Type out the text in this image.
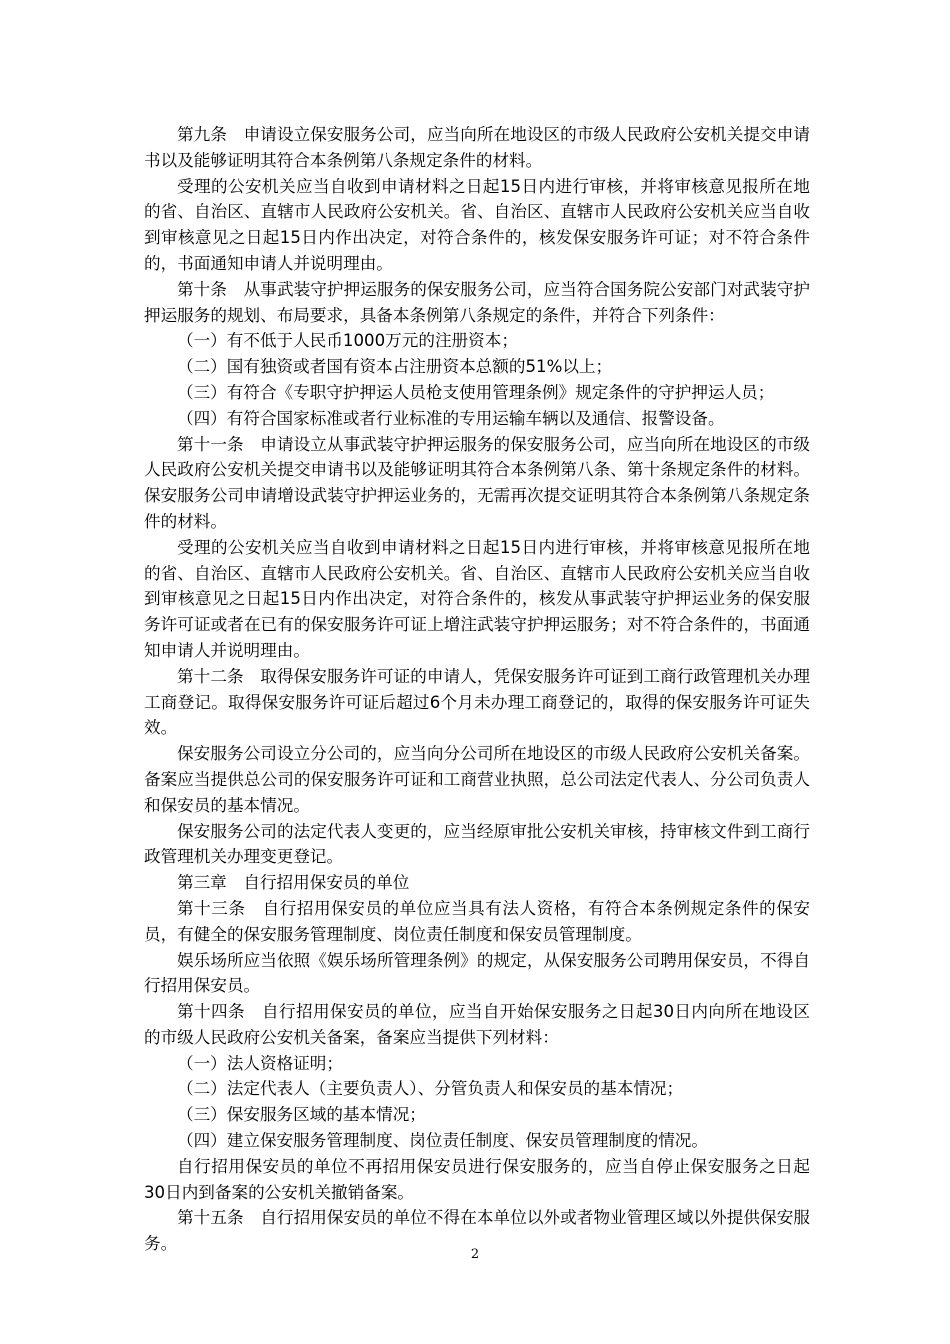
第九条　申请设立保安服务公司，应当向所在地设区的市级人民政府公安机关提交申请书以及能够证明其符合本条例第八条规定条件的材料。

受理的公安机关应当自收到申请材料之日起15日内进行审核，并将审核意见报所在地的省、自治区、直辖市人民政府公安机关。省、自治区、直辖市人民政府公安机关应当自收到审核意见之日起15日内作出决定，对符合条件的，核发保安服务许可证；对不符合条件的，书面通知申请人并说明理由。

第十条　从事武装守护押运服务的保安服务公司，应当符合国务院公安部门对武装守护押运服务的规划、布局要求，具备本条例第八条规定的条件，并符合下列条件：

（一）有不低于人民币1000万元的注册资本；

（二）国有独资或者国有资本占注册资本总额的51%以上；

（三）有符合《专职守护押运人员枪支使用管理条例》规定条件的守护押运人员；

（四）有符合国家标准或者行业标准的专用运输车辆以及通信、报警设备。

第十一条　申请设立从事武装守护押运服务的保安服务公司，应当向所在地设区的市级人民政府公安机关提交申请书以及能够证明其符合本条例第八条、第十条规定条件的材料。保安服务公司申请增设武装守护押运业务的，无需再次提交证明其符合本条例第八条规定条件的材料。

受理的公安机关应当自收到申请材料之日起15日内进行审核，并将审核意见报所在地的省、自治区、直辖市人民政府公安机关。省、自治区、直辖市人民政府公安机关应当自收到审核意见之日起15日内作出决定，对符合条件的，核发从事武装守护押运业务的保安服务许可证或者在已有的保安服务许可证上增注武装守护押运服务；对不符合条件的，书面通知申请人并说明理由。

第十二条　取得保安服务许可证的申请人，凭保安服务许可证到工商行政管理机关办理工商登记。取得保安服务许可证后超过6个月未办理工商登记的，取得的保安服务许可证失效。

保安服务公司设立分公司的，应当向分公司所在地设区的市级人民政府公安机关备案。备案应当提供总公司的保安服务许可证和工商营业执照，总公司法定代表人、分公司负责人和保安员的基本情况。

保安服务公司的法定代表人变更的，应当经原审批公安机关审核，持审核文件到工商行政管理机关办理变更登记。

第三章　自行招用保安员的单位

第十三条　自行招用保安员的单位应当具有法人资格，有符合本条例规定条件的保安员，有健全的保安服务管理制度、岗位责任制度和保安员管理制度。

娱乐场所应当依照《娱乐场所管理条例》的规定，从保安服务公司聘用保安员，不得自行招用保安员。

第十四条　自行招用保安员的单位，应当自开始保安服务之日起30日内向所在地设区的市级人民政府公安机关备案，备案应当提供下列材料：

（一）法人资格证明；

（二）法定代表人（主要负责人）、分管负责人和保安员的基本情况；

（三）保安服务区域的基本情况；

（四）建立保安服务管理制度、岗位责任制度、保安员管理制度的情况。

自行招用保安员的单位不再招用保安员进行保安服务的，应当自停止保安服务之日起30日内到备案的公安机关撤销备案。

第十五条　自行招用保安员的单位不得在本单位以外或者物业管理区域以外提供保安服务。

2
